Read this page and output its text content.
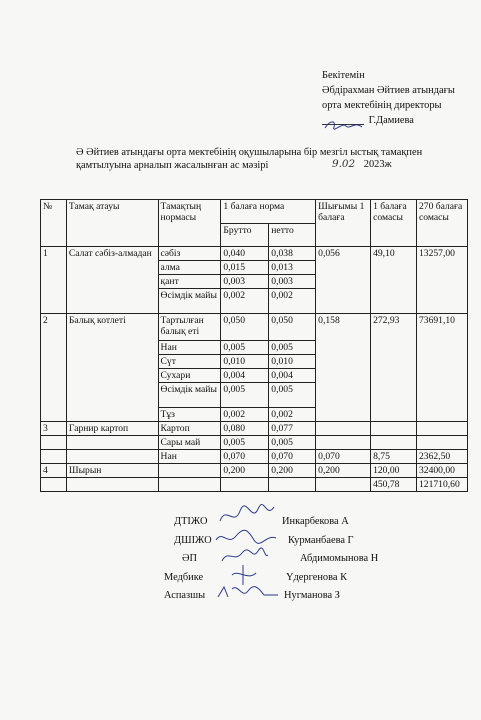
Бекітемін
Әбдірахман Әйтиев атындағы
орта мектебінің директоры
Г.Дамиева
Ә Әйтиев атындағы орта мектебінің оқушыларына бір мезгіл ыстық тамақпен
қамтылуына арналып жасалынған ас мәзірі	9.02 2023ж
№	Тамақ атауы	Тамақтың нормасы	1 балаға норма		Шығымы 1 балаға	1 балаға сомасы	270 балаға сомасы
			Брутто	нетто			
1	Салат сәбіз-алмадан	сәбіз	0,040	0,038	0,056	49,10	13257,00
		алма	0,015	0,013			
		қант	0,003	0,003			
		Өсімдік майы	0,002	0,002			
2	Балық котлеті	Тартылған балық еті	0,050	0,050	0,158	272,93	73691,10
		Нан	0,005	0,005			
		Сүт	0,010	0,010			
		Сухари	0,004	0,004			
		Өсімдік майы	0,005	0,005			
		Тұз	0,002	0,002			
3	Гарнир картоп	Картоп	0,080	0,077			
		Сары май	0,005	0,005			
		Нан	0,070	0,070	0,070	8,75	2362,50
4	Шырын		0,200	0,200	0,200	120,00	32400,00
						450,78	121710,60
ДТІЖО	Инкарбекова А
ДШІЖО	Курманбаева Г
ӘП	Абдимомынова Н
Медбике	Үдергенова К
Аспазшы	Нугманова З
